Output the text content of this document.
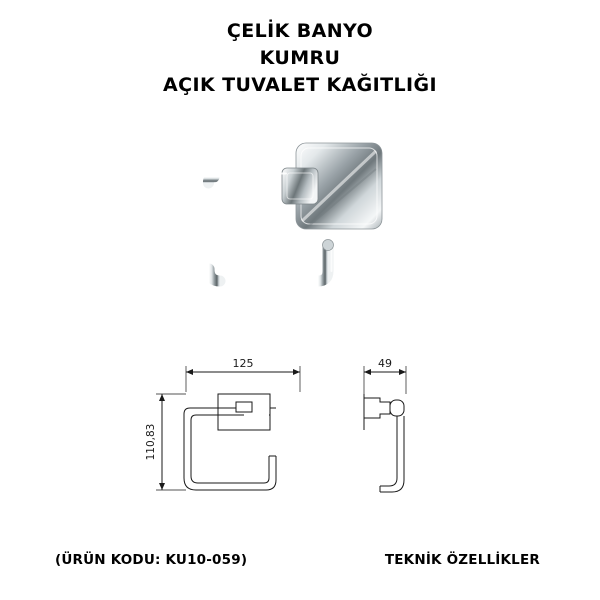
ÇELİK BANYO
KUMRU
AÇIK TUVALET KAĞITLIĞI
125
110,83
49
(ÜRÜN KODU: KU10-059)	TEKNİK ÖZELLİKLER
